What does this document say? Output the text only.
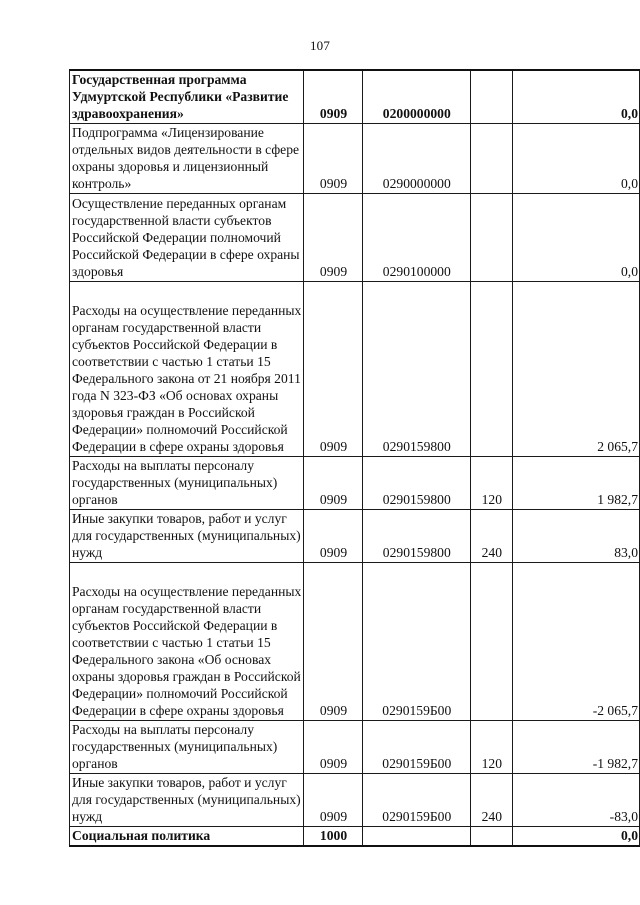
107
Государственная программа Удмуртской Республики «Развитие здравоохранения»	0909	0200000000		0,0
Подпрограмма «Лицензирование отдельных видов деятельности в сфере охраны здоровья и лицензионный контроль»	0909	0290000000		0,0
Осуществление переданных органам государственной власти субъектов Российской Федерации полномочий Российской Федерации в сфере охраны здоровья	0909	0290100000		0,0
Расходы на осуществление переданных органам государственной власти субъектов Российской Федерации в соответствии с частью 1 статьи 15 Федерального закона от 21 ноября 2011 года N 323-ФЗ «Об основах охраны здоровья граждан в Российской Федерации» полномочий Российской Федерации в сфере охраны здоровья	0909	0290159800		2 065,7
Расходы на выплаты персоналу государственных (муниципальных) органов	0909	0290159800	120	1 982,7
Иные закупки товаров, работ и услуг для государственных (муниципальных) нужд	0909	0290159800	240	83,0
Расходы на осуществление переданных органам государственной власти субъектов Российской Федерации в соответствии с частью 1 статьи 15 Федерального закона «Об основах охраны здоровья граждан в Российской Федерации» полномочий Российской Федерации в сфере охраны здоровья	0909	0290159Б00		-2 065,7
Расходы на выплаты персоналу государственных (муниципальных) органов	0909	0290159Б00	120	-1 982,7
Иные закупки товаров, работ и услуг для государственных (муниципальных) нужд	0909	0290159Б00	240	-83,0
Социальная политика	1000			0,0
